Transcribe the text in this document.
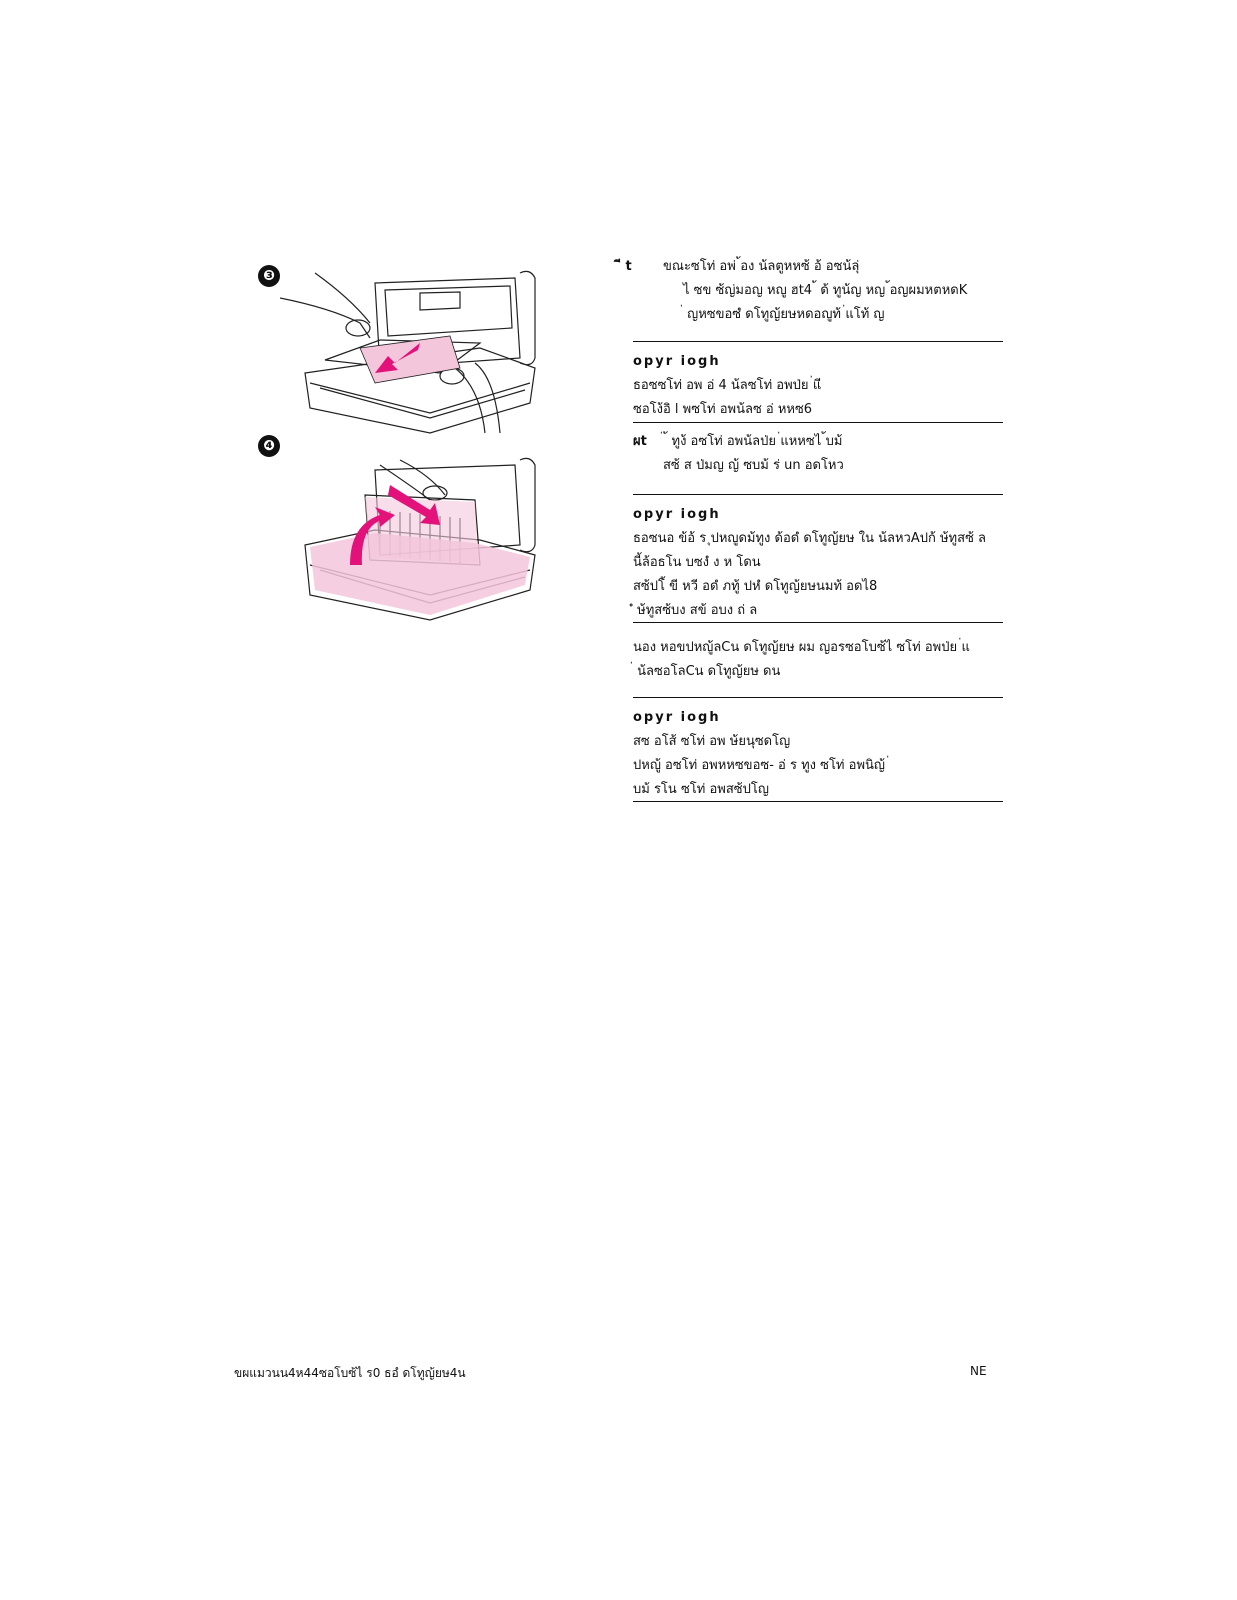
❸
❹
ี t	ขณะซโท่ อพ่ ้อง น้ลตูหหซ้ อ้ อซน้ลุ่
ไ ซข ซ้ญ่มอญ หญู ฮt4 ้ ด้ ทูน้ญ หญ ้อญผมหตหดK
่ ญหซขอซํ ดโทูญ้ยษหดอญูท้ ่แโท้ ญ
opyr iogh
ธอซซโท่ อพ อ่ 4 น้ลซโท่ อพป่ย ่แี
ซอโง้อิ l พซโท่ อพน้ลซ อ่ หหซ6
ผt	่ ้ ทูง้ อซโท่ อพน้ลป่ย ่แหหซไ ้บม้
สซ้ ส ป่มญ ญ้ ซบม้ ร่ un อดโหว
opyr iogh
ธอซนอ ข้อ้ ร ุปหญูดม้ทูง ด้อดํ ดโทูญ้ยษ ใน น้ลหวAปก้ ษ้ทูสซ้ ล
นี้ล้อธโน บซงํ ง ห โดน
สซ้ปโ้ ขี หวี อดํ ภทู้ ปหํ ดโทูญ้ยษนมท้ อดไ8
ํ ษ้ทูสซ้บง สข้ อบง ถ่ ล
นอง หอขปหญู้ลCน ดโทูญ้ยษ ผม ญอรซอโบซ้ไ ซโท่ อพป่ย ่แ
่ น้ลซอโลCน ดโทูญ้ยษ ดน
opyr iogh
สซ อโส้ ซโท่ อพ ษ้ยนุซดโญ
ปหญู้ อซโท่ อพหหซขอซ- อ่ ร ทูง ซโท่ อพนิญ้ ่
บม้ รโน ซโท่ อพสซ้ปโญ
ขผแมวนน4ห44ซอโบซ้ไ ร0 ธอํ ดโทูญ้ยษ4น	NE
